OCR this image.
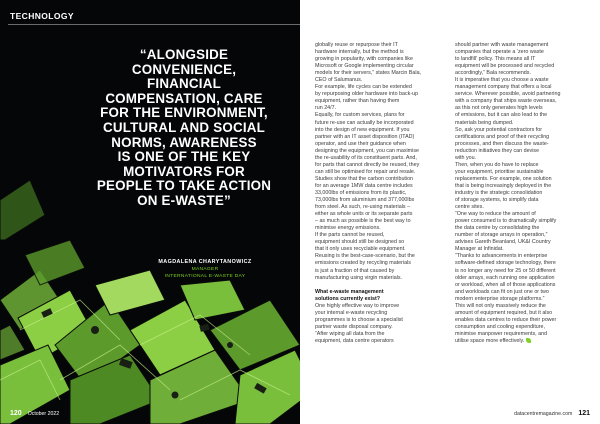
TECHNOLOGY
“ALONGSIDE
CONVENIENCE,
FINANCIAL
COMPENSATION, CARE
FOR THE ENVIRONMENT,
CULTURAL AND SOCIAL
NORMS, AWARENESS
IS ONE OF THE KEY
MOTIVATORS FOR
PEOPLE TO TAKE ACTION
ON E-WASTE”
MAGDALENA CHARYTANOWICZ
MANAGER
INTERNATIONAL E-WASTE DAY
120 October 2022

globally reuse or repurpose their IT

hardware internally, but the method is

growing in popularity, with companies like

Microsoft or Google implementing circular

models for their servers,” states Marcin Bala,

CEO of Salumanus.

For example, life cycles can be extended

by repurposing older hardware into back-up

equipment, rather than having them

run 24/7.

Equally, for custom services, plans for

future re-use can actually be incorporated

into the design of new equipment. If you

partner with an IT asset disposition (ITAD)

operator, and use their guidance when

designing the equipment, you can maximise

the re-usability of its constituent parts. And,

for parts that cannot directly be reused, they

can still be optimised for repair and resale.

Studies show that the carbon contribution

for an average 1MW data centre includes

33,000lbs of emissions from its plastic,

73,000lbs from aluminium and 377,000lbs

from steel. As such, re-using materials –

either as whole units or its separate parts

– as much as possible is the best way to

minimise energy emissions.

If the parts cannot be reused,

equipment should still be designed so

that it only uses recyclable equipment.

Reusing is the best-case-scenario, but the

emissions created by recycling materials

is just a fraction of that caused by

manufacturing using virgin materials.

What e-waste management

solutions currently exist?

One highly effective way to improve

your internal e-waste recycling

programmes is to choose a specialist

partner waste disposal company.

“After wiping all data from the

equipment, data centre operators

should partner with waste management

companies that operate a ‘zero waste

to landfill’ policy. This means all IT

equipment will be processed and recycled

accordingly,” Bala recommends.

It is imperative that you choose a waste

management company that offers a local

service. Wherever possible, avoid partnering

with a company that ships waste overseas,

as this not only generates high levels

of emissions, but it can also lead to the

materials being dumped.

So, ask your potential contractors for

certifications and proof of their recycling

processes, and then discuss the waste-

reduction initiatives they can devise

with you.

Then, when you do have to replace

your equipment, prioritise sustainable

replacements. For example, one solution

that is being increasingly deployed in the

industry is the strategic consolidation

of storage systems, to simplify data

centre sites.

“One way to reduce the amount of

power consumed is to dramatically simplify

the data centre by consolidating the

number of storage arrays in operation,”

advises Gareth Beanland, UK&I Country

Manager at Infinidat.

“Thanks to advancements in enterprise

software-defined storage technology, there

is no longer any need for 25 or 50 different

older arrays, each running one application

or workload, when all of those applications

and workloads can fit on just one or two

modern enterprise storage platforms.”

This will not only massively reduce the

amount of equipment required, but it also

enables data centres to reduce their power

consumption and cooling expenditure,

minimise manpower requirements, and

utilise space more effectively.

datacentremagazine.com 121
